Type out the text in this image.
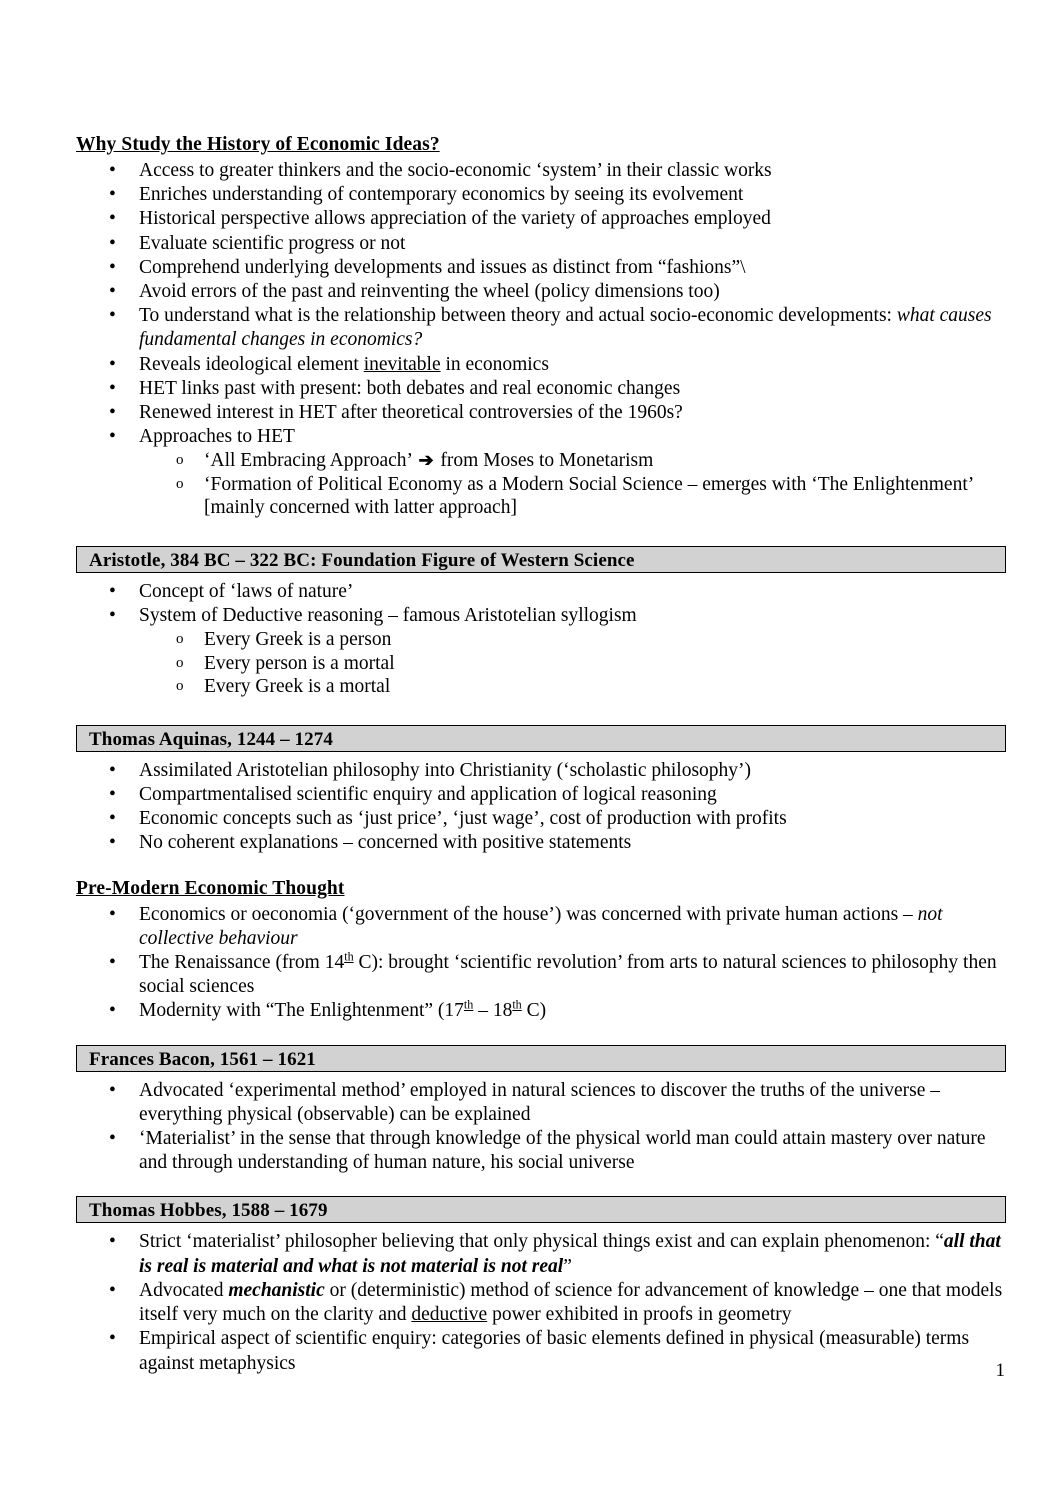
Why Study the History of Economic Ideas?
• Access to greater thinkers and the socio-economic ‘system’ in their classic works
• Enriches understanding of contemporary economics by seeing its evolvement
• Historical perspective allows appreciation of the variety of approaches employed
• Evaluate scientific progress or not
• Comprehend underlying developments and issues as distinct from “fashions”\
• Avoid errors of the past and reinventing the wheel (policy dimensions too)
• To understand what is the relationship between theory and actual socio-economic developments: what causes fundamental changes in economics?
• Reveals ideological element inevitable in economics
• HET links past with present: both debates and real economic changes
• Renewed interest in HET after theoretical controversies of the 1960s?
• Approaches to HET
o ‘All Embracing Approach’ ➔ from Moses to Monetarism
o ‘Formation of Political Economy as a Modern Social Science – emerges with ‘The Enlightenment’ [mainly concerned with latter approach]
Aristotle, 384 BC – 322 BC: Foundation Figure of Western Science
• Concept of ‘laws of nature’
• System of Deductive reasoning – famous Aristotelian syllogism
o Every Greek is a person
o Every person is a mortal
o Every Greek is a mortal
Thomas Aquinas, 1244 – 1274
• Assimilated Aristotelian philosophy into Christianity (‘scholastic philosophy’)
• Compartmentalised scientific enquiry and application of logical reasoning
• Economic concepts such as ‘just price’, ‘just wage’, cost of production with profits
• No coherent explanations – concerned with positive statements
Pre-Modern Economic Thought
• Economics or oeconomia (‘government of the house’) was concerned with private human actions – not collective behaviour
• The Renaissance (from 14th C): brought ‘scientific revolution’ from arts to natural sciences to philosophy then social sciences
• Modernity with “The Enlightenment” (17th – 18th C)
Frances Bacon, 1561 – 1621
• Advocated ‘experimental method’ employed in natural sciences to discover the truths of the universe – everything physical (observable) can be explained
• ‘Materialist’ in the sense that through knowledge of the physical world man could attain mastery over nature and through understanding of human nature, his social universe
Thomas Hobbes, 1588 – 1679
• Strict ‘materialist’ philosopher believing that only physical things exist and can explain phenomenon: “all that is real is material and what is not material is not real”
• Advocated mechanistic or (deterministic) method of science for advancement of knowledge – one that models itself very much on the clarity and deductive power exhibited in proofs in geometry
• Empirical aspect of scientific enquiry: categories of basic elements defined in physical (measurable) terms against metaphysics	1
